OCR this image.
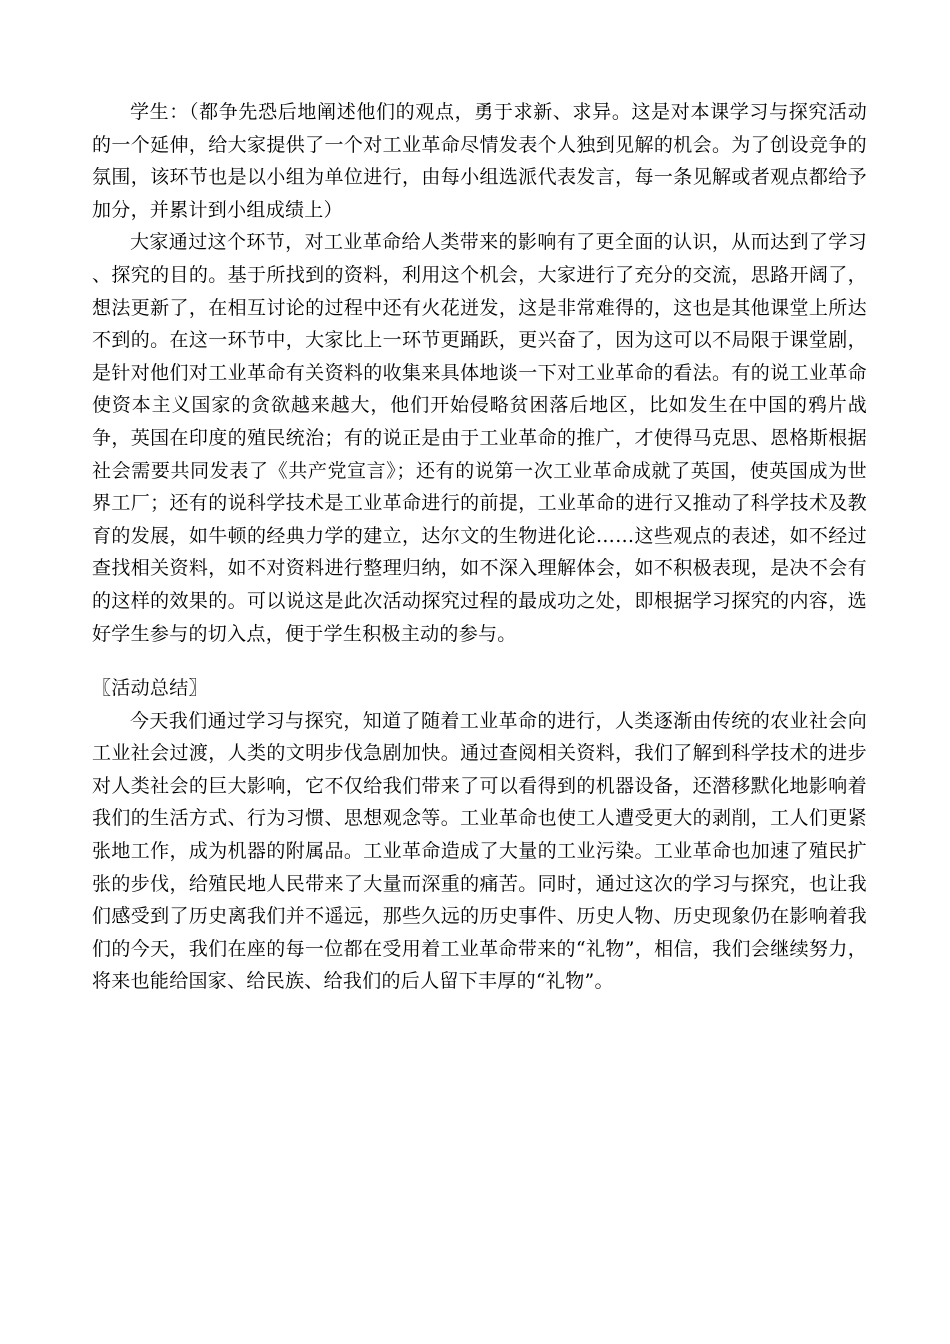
学生：（都争先恐后地阐述他们的观点，勇于求新、求异。这是对本课学习与探究活动的一个延伸，给大家提供了一个对工业革命尽情发表个人独到见解的机会。为了创设竞争的氛围，该环节也是以小组为单位进行，由每小组选派代表发言，每一条见解或者观点都给予加分，并累计到小组成绩上）

大家通过这个环节，对工业革命给人类带来的影响有了更全面的认识，从而达到了学习 、探究的目的。基于所找到的资料，利用这个机会，大家进行了充分的交流，思路开阔了，想法更新了，在相互讨论的过程中还有火花迸发，这是非常难得的，这也是其他课堂上所达不到的。在这一环节中，大家比上一环节更踊跃，更兴奋了，因为这可以不局限于课堂剧，是针对他们对工业革命有关资料的收集来具体地谈一下对工业革命的看法。有的说工业革命使资本主义国家的贪欲越来越大，他们开始侵略贫困落后地区，比如发生在中国的鸦片战争，英国在印度的殖民统治；有的说正是由于工业革命的推广，才使得马克思、恩格斯根据社会需要共同发表了《共产党宣言》；还有的说第一次工业革命成就了英国，使英国成为世界工厂；还有的说科学技术是工业革命进行的前提，工业革命的进行又推动了科学技术及教育的发展，如牛顿的经典力学的建立，达尔文的生物进化论……这些观点的表述，如不经过查找相关资料，如不对资料进行整理归纳，如不深入理解体会，如不积极表现，是决不会有的这样的效果的。可以说这是此次活动探究过程的最成功之处，即根据学习探究的内容，选好学生参与的切入点，便于学生积极主动的参与。

〖活动总结〗

今天我们通过学习与探究，知道了随着工业革命的进行，人类逐渐由传统的农业社会向工业社会过渡，人类的文明步伐急剧加快。通过查阅相关资料，我们了解到科学技术的进步对人类社会的巨大影响，它不仅给我们带来了可以看得到的机器设备，还潜移默化地影响着我们的生活方式、行为习惯、思想观念等。工业革命也使工人遭受更大的剥削，工人们更紧张地工作，成为机器的附属品。工业革命造成了大量的工业污染。工业革命也加速了殖民扩张的步伐，给殖民地人民带来了大量而深重的痛苦。同时，通过这次的学习与探究，也让我们感受到了历史离我们并不遥远，那些久远的历史事件、历史人物、历史现象仍在影响着我们的今天，我们在座的每一位都在受用着工业革命带来的“礼物”，相信，我们会继续努力，将来也能给国家、给民族、给我们的后人留下丰厚的“礼物”。
